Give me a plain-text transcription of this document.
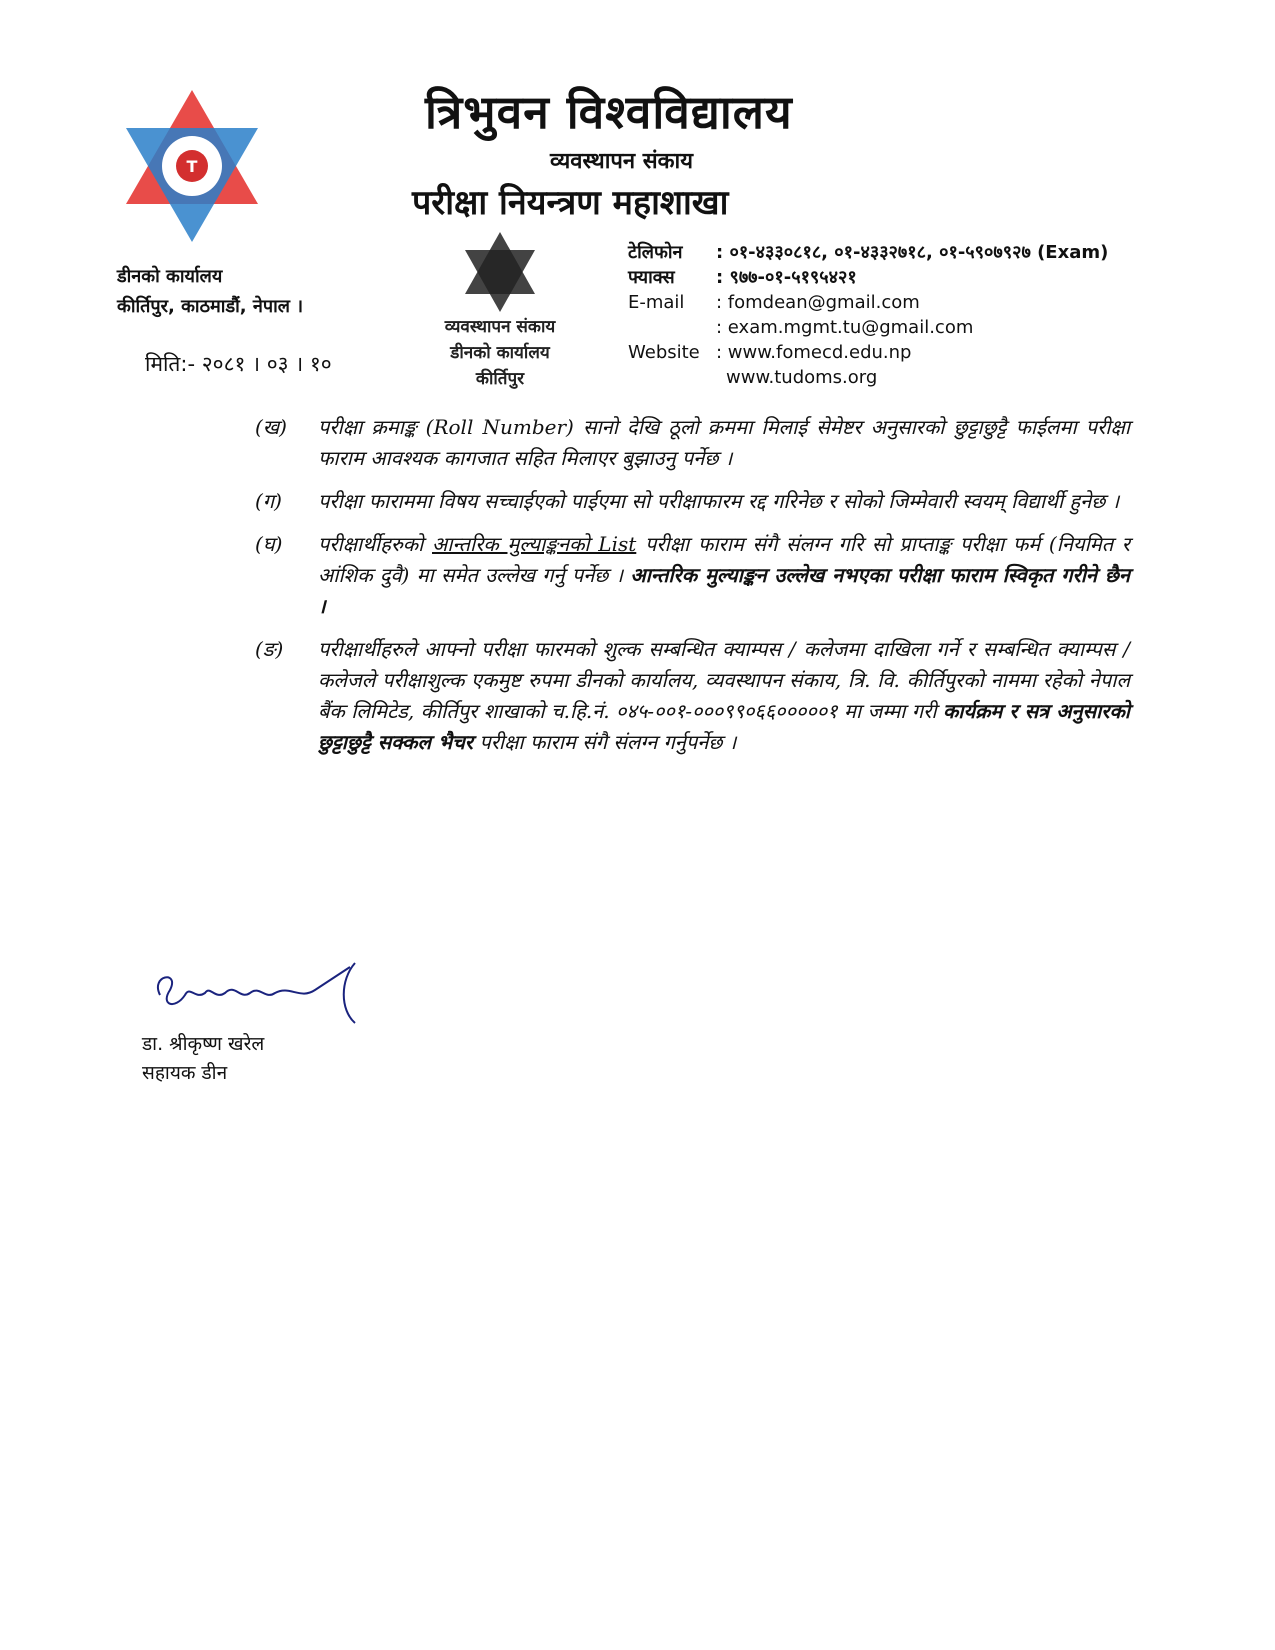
T
त्रिभुवन विश्वविद्यालय
व्यवस्थापन संकाय
परीक्षा नियन्त्रण महाशाखा
व्यवस्थापन संकाय
डीनको कार्यालय
कीर्तिपुर
डीनको कार्यालय
कीर्तिपुर, काठमाडौं, नेपाल ।
मिति:- २०८१ । ०३ । १०
टेलिफोन	: ०१-४३३०८१८, ०१-४३३२७१८, ०१-५९०७९२७ (Exam)
फ्याक्स	: ९७७-०१-५१९५४२१
E-mail	: fomdean@gmail.com
: exam.mgmt.tu@gmail.com
Website : www.fomecd.edu.np
www.tudoms.org
(ख)	परीक्षा क्रमाङ्क (Roll Number) सानो देखि ठूलो क्रममा मिलाई सेमेष्टर अनुसारको छुट्टाछुट्टै फाईलमा परीक्षा फाराम आवश्यक कागजात सहित मिलाएर बुझाउनु पर्नेछ ।
(ग)	परीक्षा फाराममा विषय सच्चाईएको पाईएमा सो परीक्षाफारम रद्द गरिनेछ र सोको जिम्मेवारी स्वयम् विद्यार्थी हुनेछ ।
(घ)	परीक्षार्थीहरुको आन्तरिक मुल्याङ्कनको List परीक्षा फाराम संगै संलग्न गरि सो प्राप्ताङ्क परीक्षा फर्म (नियमित र आंशिक दुवै) मा समेत उल्लेख गर्नु पर्नेछ । आन्तरिक मुल्याङ्कन उल्लेख नभएका परीक्षा फाराम स्विकृत गरीने छैन ।
(ङ)	परीक्षार्थीहरुले आफ्नो परीक्षा फारमको शुल्क सम्बन्धित क्याम्पस / कलेजमा दाखिला गर्ने र सम्बन्धित क्याम्पस / कलेजले परीक्षाशुल्क एकमुष्ट रुपमा डीनको कार्यालय, व्यवस्थापन संकाय, त्रि. वि. कीर्तिपुरको नाममा रहेको नेपाल बैंक लिमिटेड, कीर्तिपुर शाखाको च.हि.नं. ०४५-००१-०००९९०६६०००००१ मा जम्मा गरी कार्यक्रम र सत्र अनुसारको छुट्टाछुट्टै सक्कल भैचर परीक्षा फाराम संगै संलग्न गर्नुपर्नेछ ।
डा. श्रीकृष्ण खरेल
सहायक डीन
